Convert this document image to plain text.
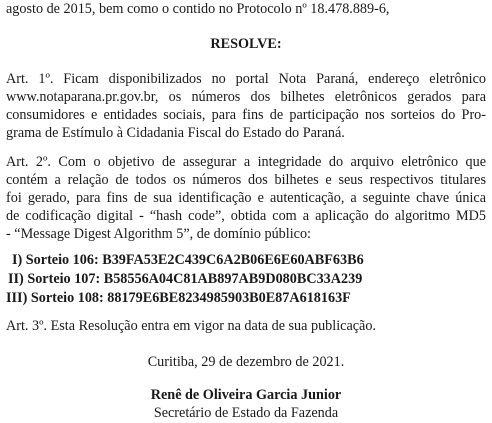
agosto de 2015, bem como o contido no Protocolo nº 18.478.889-6,
RESOLVE:
Art. 1º. Ficam disponibilizados no portal Nota Paraná, endereço eletrônico
www.notaparana.pr.gov.br, os números dos bilhetes eletrônicos gerados para
consumidores e entidades sociais, para fins de participação nos sorteios do Pro-
grama de Estímulo à Cidadania Fiscal do Estado do Paraná.
Art. 2º. Com o objetivo de assegurar a integridade do arquivo eletrônico que
contém a relação de todos os números dos bilhetes e seus respectivos titulares
foi gerado, para fins de sua identificação e autenticação, a seguinte chave única
de codificação digital - “hash code”, obtida com a aplicação do algoritmo MD5
- “Message Digest Algorithm 5”, de domínio público:
I) Sorteio 106: B39FA53E2C439C6A2B06E6E60ABF63B6
II) Sorteio 107: B58556A04C81AB897AB9D080BC33A239
III) Sorteio 108: 88179E6BE8234985903B0E87A618163F
Art. 3º. Esta Resolução entra em vigor na data de sua publicação.
Curitiba, 29 de dezembro de 2021.
Renê de Oliveira Garcia Junior
Secretário de Estado da Fazenda
